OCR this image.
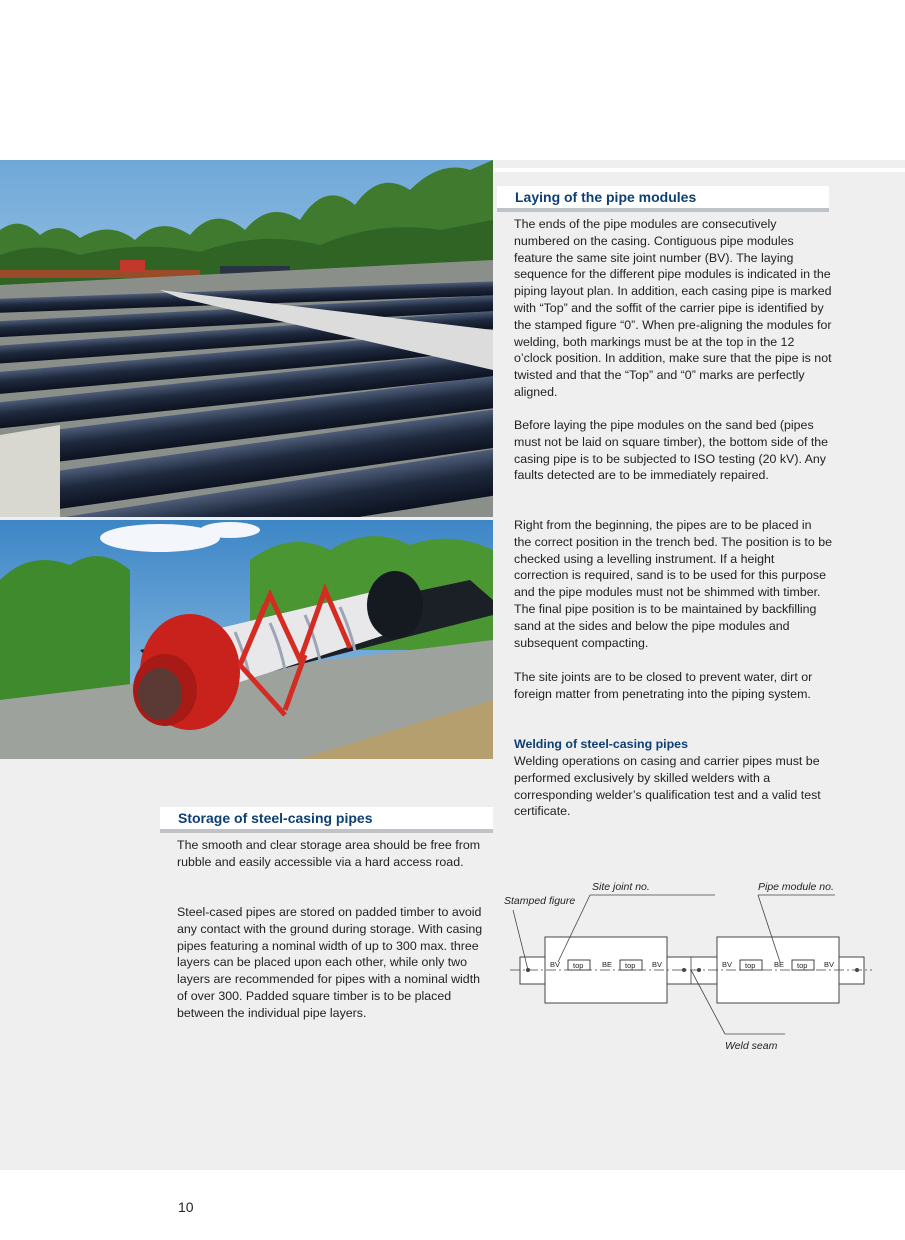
Laying of the pipe modules

The ends of the pipe modules are consecutively numbered on the casing. Contiguous pipe modules feature the same site joint number (BV). The laying sequence for the different pipe modules is indicated in the piping layout plan. In addition, each casing pipe is marked with “Top” and the soffit of the carrier pipe is identified by the stamped figure “0”. When pre-aligning the modules for welding, both markings must be at the top in the 12 o’clock position. In addition, make sure that the pipe is not twisted and that the “Top” and “0” marks are perfectly aligned.

Before laying the pipe modules on the sand bed (pipes must not be laid on square timber), the bottom side of the casing pipe is to be subjected to ISO testing (20 kV). Any faults detected are to be immediately repaired.

Right from the beginning, the pipes are to be placed in the correct position in the trench bed. The position is to be checked using a levelling instrument. If a height correction is required, sand is to be used for this purpose and the pipe modules must not be shimmed with timber. The final pipe position is to be maintained by backfilling sand at the sides and below the pipe modules and subsequent compacting.

The site joints are to be closed to prevent water, dirt or foreign matter from penetrating into the piping system.

Welding of steel-casing pipes

Welding operations on casing and carrier pipes must be performed exclusively by skilled welders with a corresponding welder’s qualification test and a valid test certificate.

Storage of steel-casing pipes

The smooth and clear storage area should be free from rubble and easily accessible via a hard access road.

Steel-cased pipes are stored on padded timber to avoid any contact with the ground during storage. With casing pipes featuring a nominal width of up to 300 max. three layers can be placed upon each other, while only two layers are recommended for pipes with a nominal width of over 300. Padded square timber is to be placed between the individual pipe layers.

BV top BE top BV	BV top BE top BV
Stamped figure
Site joint no.	Pipe module no.
Weld seam
10
